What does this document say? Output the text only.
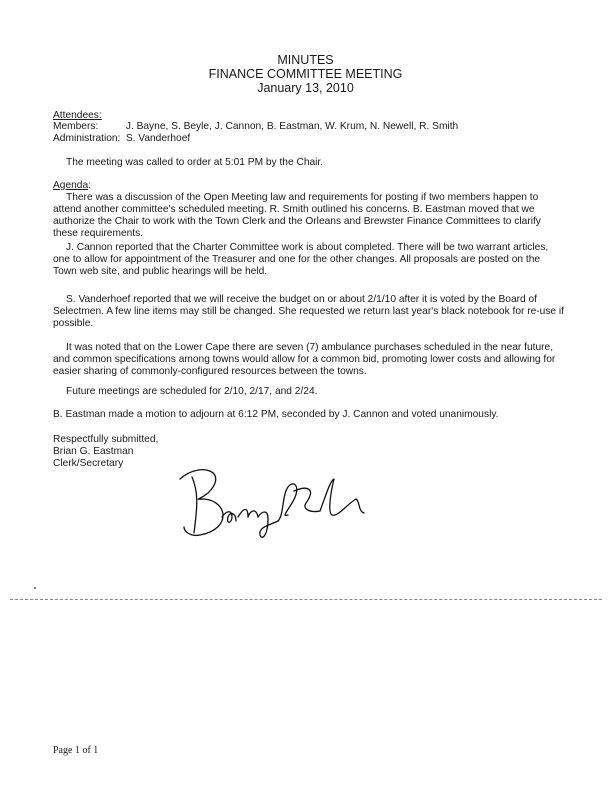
MINUTES
FINANCE COMMITTEE MEETING
January 13, 2010
Attendees:
Members:	J. Bayne, S. Beyle, J. Cannon, B. Eastman, W. Krum, N. Newell, R. Smith
Administration: S. Vanderhoef

The meeting was called to order at 5:01 PM by the Chair.

Agenda:
There was a discussion of the Open Meeting law and requirements for posting if two members happen to
attend another committee's scheduled meeting. R. Smith outlined his concerns. B. Eastman moved that we
authorize the Chair to work with the Town Clerk and the Orleans and Brewster Finance Committees to clarify
these requirements.
J. Cannon reported that the Charter Committee work is about completed. There will be two warrant articles,
one to allow for appointment of the Treasurer and one for the other changes. All proposals are posted on the
Town web site, and public hearings will be held.
S. Vanderhoef reported that we will receive the budget on or about 2/1/10 after it is voted by the Board of
Selectmen. A few line items may still be changed. She requested we return last year's black notebook for re-use if
possible.
It was noted that on the Lower Cape there are seven (7) ambulance purchases scheduled in the near future,
and common specifications among towns would allow for a common bid, promoting lower costs and allowing for
easier sharing of commonly-configured resources between the towns.
Future meetings are scheduled for 2/10, 2/17, and 2/24.
B. Eastman made a motion to adjourn at 6:12 PM, seconded by J. Cannon and voted unanimously.
Respectfully submitted,
Brian G. Eastman
Clerk/Secretary
Page 1 of 1
